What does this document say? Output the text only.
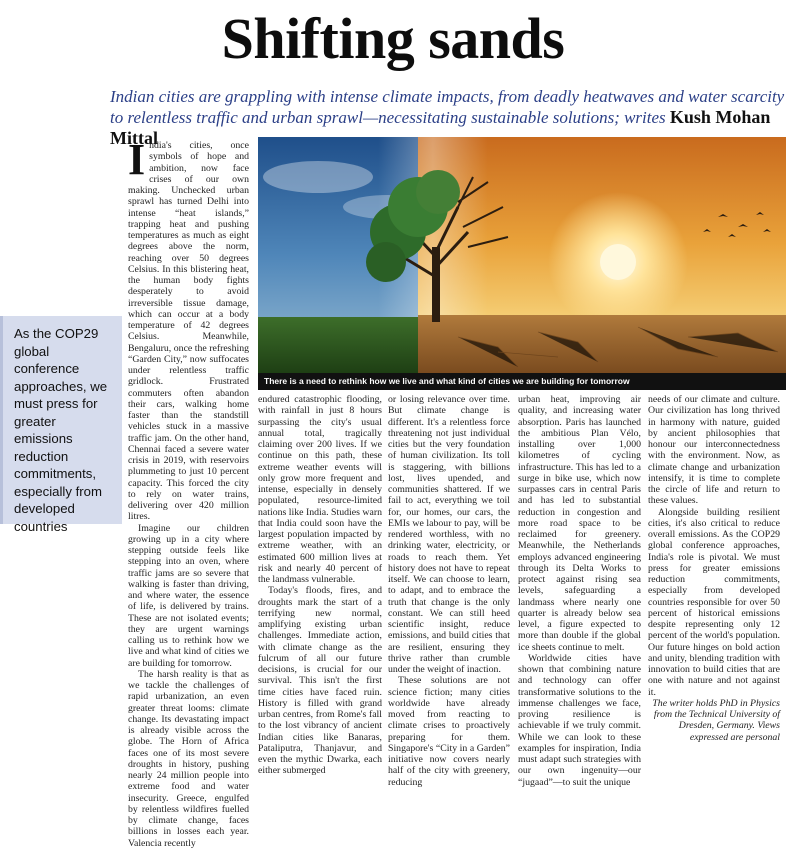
Shifting sands
Indian cities are grappling with intense climate impacts, from deadly heatwaves and water scarcity to relentless traffic and urban sprawl—necessitating sustainable solutions; writes Kush Mohan Mittal
There is a need to rethink how we live and what kind of cities we are building for tomorrow
As the COP29 global conference approaches, we must press for greater emissions reduction commitments, especially from developed countries

India's cities, once symbols of hope and ambition, now face crises of our own making. Unchecked urban sprawl has turned Delhi into intense “heat islands,” trapping heat and pushing temperatures as much as eight degrees above the norm, reaching over 50 degrees Celsius. In this blistering heat, the human body fights desperately to avoid irreversible tissue damage, which can occur at a body temperature of 42 degrees Celsius. Meanwhile, Bengaluru, once the refreshing “Garden City,” now suffocates under relentless traffic gridlock. Frustrated commuters often abandon their cars, walking home faster than the standstill vehicles stuck in a massive traffic jam. On the other hand, Chennai faced a severe water crisis in 2019, with reservoirs plummeting to just 10 percent capacity. This forced the city to rely on water trains, delivering over 420 million litres.

Imagine our children growing up in a city where stepping outside feels like stepping into an oven, where traffic jams are so severe that walking is faster than driving, and where water, the essence of life, is delivered by trains. These are not isolated events; they are urgent warnings calling us to rethink how we live and what kind of cities we are building for tomorrow.

The harsh reality is that as we tackle the challenges of rapid urbanization, an even greater threat looms: climate change. Its devastating impact is already visible across the globe. The Horn of Africa faces one of its most severe droughts in history, pushing nearly 24 million people into extreme food and water insecurity. Greece, engulfed by relentless wildfires fuelled by climate change, faces billions in losses each year. Valencia recently

endured catastrophic flooding, with rainfall in just 8 hours surpassing the city's usual annual total, tragically claiming over 200 lives. If we continue on this path, these extreme weather events will only grow more frequent and intense, especially in densely populated, resource-limited nations like India. Studies warn that India could soon have the largest population impacted by extreme weather, with an estimated 600 million lives at risk and nearly 40 percent of the landmass vulnerable.

Today's floods, fires, and droughts mark the start of a terrifying new normal, amplifying existing urban challenges. Immediate action, with climate change as the fulcrum of all our future decisions, is crucial for our survival. This isn't the first time cities have faced ruin. History is filled with grand urban centres, from Rome's fall to the lost vibrancy of ancient Indian cities like Banaras, Pataliputra, Thanjavur, and even the mythic Dwarka, each either submerged

or losing relevance over time. But climate change is different. It's a relentless force threatening not just individual cities but the very foundation of human civilization. Its toll is staggering, with billions lost, lives upended, and communities shattered. If we fail to act, everything we toil for, our homes, our cars, the EMIs we labour to pay, will be rendered worthless, with no drinking water, electricity, or roads to reach them. Yet history does not have to repeat itself. We can choose to learn, to adapt, and to embrace the truth that change is the only constant. We can still heed scientific insight, reduce emissions, and build cities that are resilient, ensuring they thrive rather than crumble under the weight of inaction.

These solutions are not science fiction; many cities worldwide have already moved from reacting to climate crises to proactively preparing for them. Singapore's “City in a Garden” initiative now covers nearly half of the city with greenery, reducing

urban heat, improving air quality, and increasing water absorption. Paris has launched the ambitious Plan Vélo, installing over 1,000 kilometres of cycling infrastructure. This has led to a surge in bike use, which now surpasses cars in central Paris and has led to substantial reduction in congestion and more road space to be reclaimed for greenery. Meanwhile, the Netherlands employs advanced engineering through its Delta Works to protect against rising sea levels, safeguarding a landmass where nearly one quarter is already below sea level, a figure expected to more than double if the global ice sheets continue to melt.

Worldwide cities have shown that combining nature and technology can offer transformative solutions to the immense challenges we face, proving resilience is achievable if we truly commit. While we can look to these examples for inspiration, India must adapt such strategies with our own ingenuity—our “jugaad”—to suit the unique

needs of our climate and culture. Our civilization has long thrived in harmony with nature, guided by ancient philosophies that honour our interconnectedness with the environment. Now, as climate change and urbanization intensify, it is time to complete the circle of life and return to these values.

Alongside building resilient cities, it's also critical to reduce overall emissions. As the COP29 global conference approaches, India's role is pivotal. We must press for greater emissions reduction commitments, especially from developed countries responsible for over 50 percent of historical emissions despite representing only 12 percent of the world's population. Our future hinges on bold action and unity, blending tradition with innovation to build cities that are one with nature and not against it.

The writer holds PhD in Physics from the Technical University of Dresden, Germany. Views expressed are personal
